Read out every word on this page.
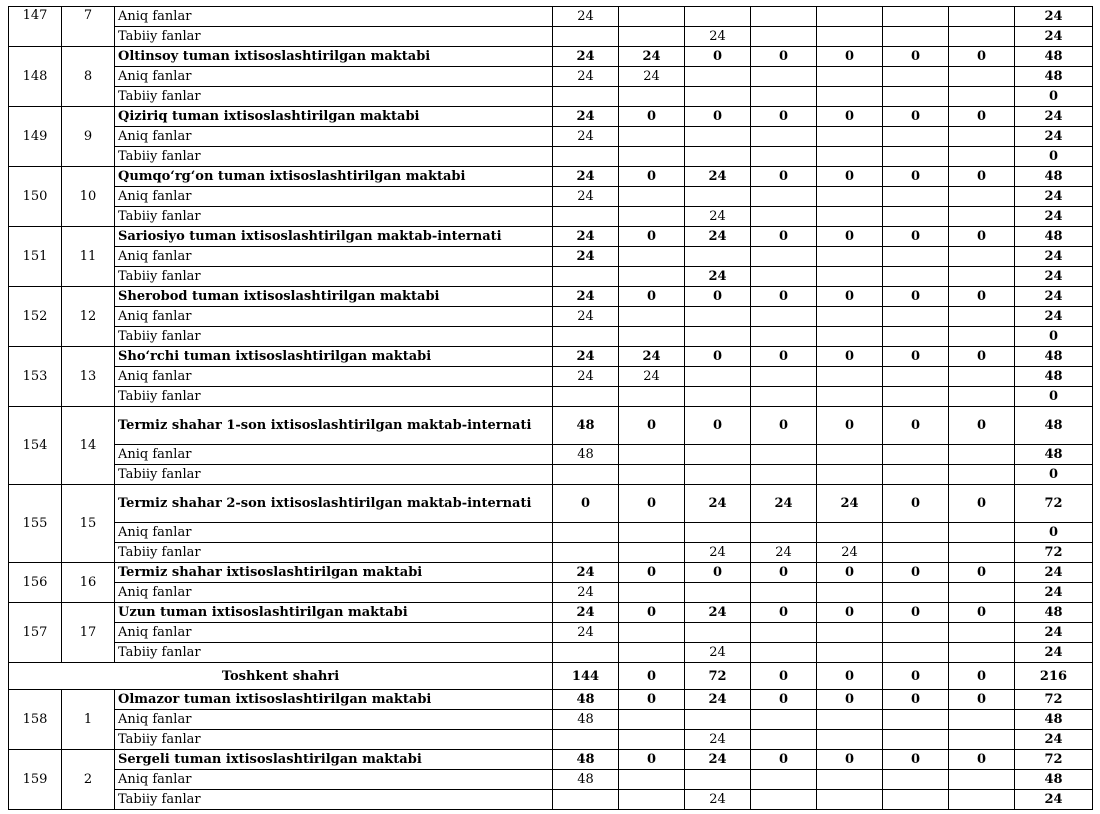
147	7	Aniq fanlar	24							24
		Tabiiy fanlar			24					24
148	8	Oltinsoy tuman ixtisoslashtirilgan maktabi	24	24	0	0	0	0	0	48
		Aniq fanlar	24	24						48
		Tabiiy fanlar								0
149	9	Qiziriq tuman ixtisoslashtirilgan maktabi	24	0	0	0	0	0	0	24
		Aniq fanlar	24							24
		Tabiiy fanlar								0
150	10	Qumqo‘rg‘on tuman ixtisoslashtirilgan maktabi	24	0	24	0	0	0	0	48
		Aniq fanlar	24							24
		Tabiiy fanlar			24					24
151	11	Sariosiyo tuman ixtisoslashtirilgan maktab-internati	24	0	24	0	0	0	0	48
		Aniq fanlar	24							24
		Tabiiy fanlar			24					24
152	12	Sherobod tuman ixtisoslashtirilgan maktabi	24	0	0	0	0	0	0	24
		Aniq fanlar	24							24
		Tabiiy fanlar								0
153	13	Sho‘rchi tuman ixtisoslashtirilgan maktabi	24	24	0	0	0	0	0	48
		Aniq fanlar	24	24						48
		Tabiiy fanlar								0
154	14	Termiz shahar 1-son ixtisoslashtirilgan maktab-internati	48	0	0	0	0	0	0	48
		Aniq fanlar	48							48
		Tabiiy fanlar								0
155	15	Termiz shahar 2-son ixtisoslashtirilgan maktab-internati	0	0	24	24	24	0	0	72
		Aniq fanlar								0
		Tabiiy fanlar			24	24	24			72
156	16	Termiz shahar ixtisoslashtirilgan maktabi	24	0	0	0	0	0	0	24
		Aniq fanlar	24							24
157	17	Uzun tuman ixtisoslashtirilgan maktabi	24	0	24	0	0	0	0	48
		Aniq fanlar	24							24
		Tabiiy fanlar			24					24
Toshkent shahri			144	0	72	0	0	0	0	216
158	1	Olmazor tuman ixtisoslashtirilgan maktabi	48	0	24	0	0	0	0	72
		Aniq fanlar	48							48
		Tabiiy fanlar			24					24
159	2	Sergeli tuman ixtisoslashtirilgan maktabi	48	0	24	0	0	0	0	72
		Aniq fanlar	48							48
		Tabiiy fanlar			24					24
